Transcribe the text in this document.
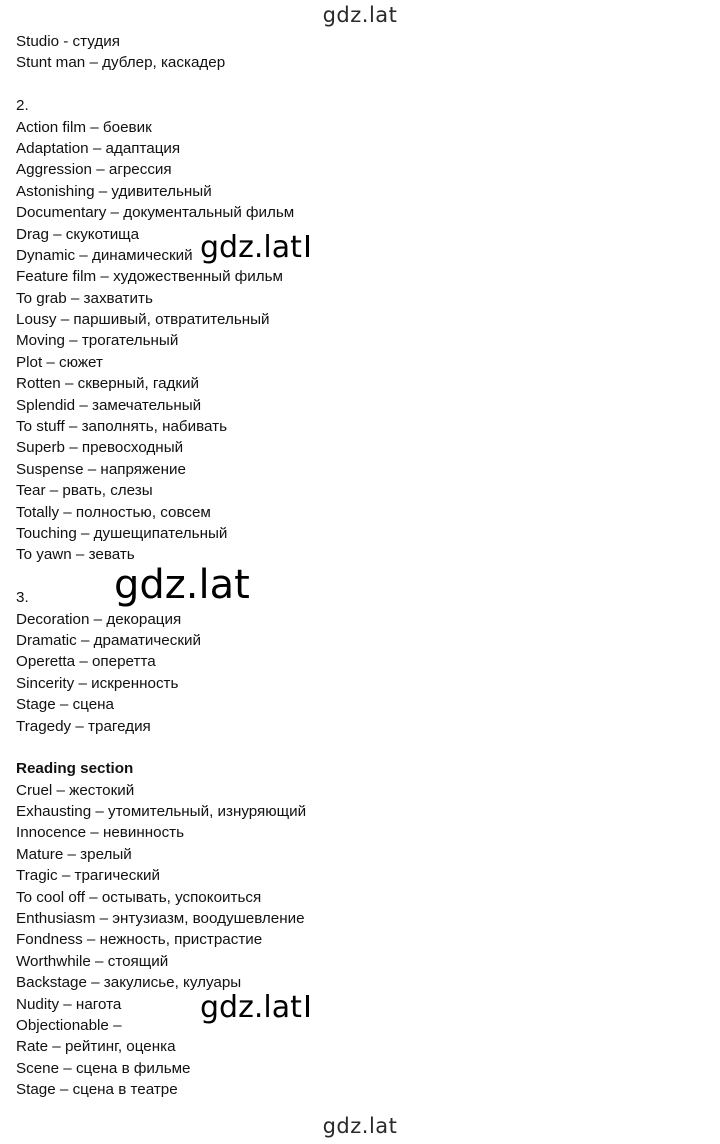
gdz.lat
Studio - студия
Stunt man – дублер, каскадер
2.
Action film – боевик
Adaptation – адаптация
Aggression – агрессия
Astonishing – удивительный
Documentary – документальный фильм
Drag – скукотища
Dynamic – динамический
Feature film – художественный фильм
To grab – захватить
Lousy – паршивый, отвратительный
Moving – трогательный
Plot – сюжет
Rotten – скверный, гадкий
Splendid – замечательный
To stuff – заполнять, набивать
Superb – превосходный
Suspense – напряжение
Tear – рвать, слезы
Totally – полностью, совсем
Touching – душещипательный
To yawn – зевать
3.
Decoration – декорация
Dramatic – драматический
Operetta – оперетта
Sincerity – искренность
Stage – сцена
Tragedy – трагедия
Reading section
Cruel – жестокий
Exhausting – утомительный, изнуряющий
Innocence – невинность
Mature – зрелый
Tragic – трагический
To cool off – остывать, успокоиться
Enthusiasm – энтузиазм, воодушевление
Fondness – нежность, пристрастие
Worthwhile – стоящий
Backstage – закулисье, кулуары
Nudity – нагота
Objectionable –
Rate – рейтинг, оценка
Scene – сцена в фильме
Stage – сцена в театре
gdz.lat
gdz.lat
gdz.lat
gdz.lat
